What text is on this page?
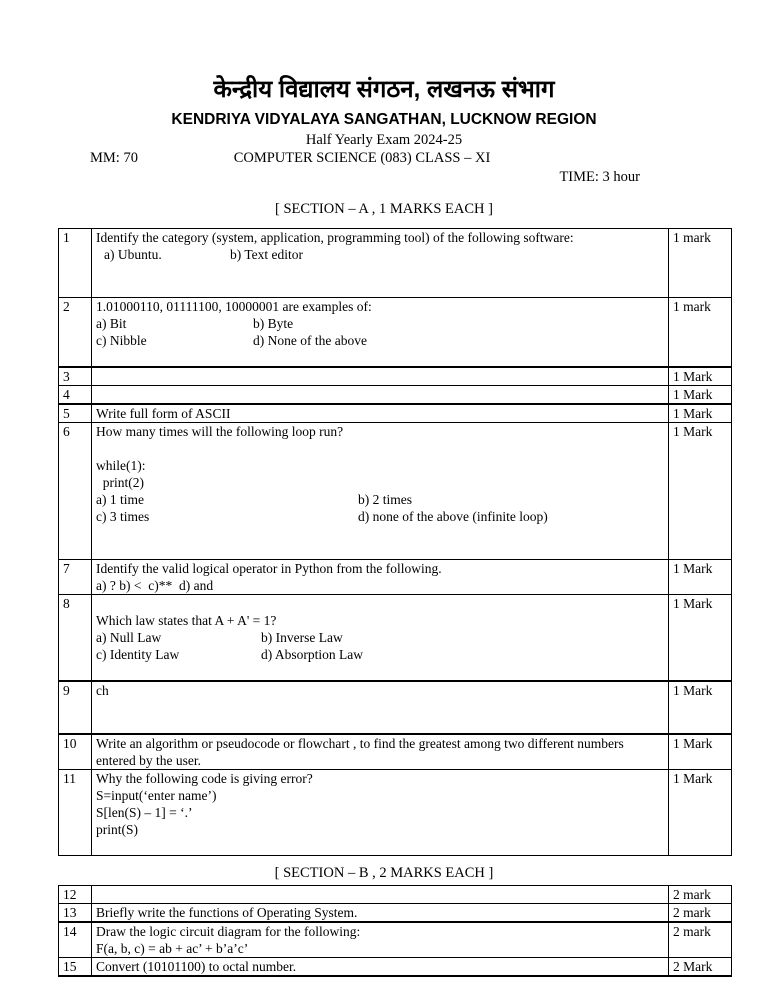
केन्द्रीय विद्यालय संगठन, लखनऊ संभाग
KENDRIYA VIDYALAYA SANGATHAN, LUCKNOW REGION
Half Yearly Exam 2024-25
MM: 70	COMPUTER SCIENCE (083) CLASS – XI
TIME: 3 hour
[ SECTION – A , 1 MARKS EACH ]
1	Identify the category (system, application, programming tool) of the following software:
a) Ubuntu. b) Text editor	1 mark
2	1.01000110, 01111100, 10000001 are examples of:
a) Bit b) Byte
c) Nibble d) None of the above	1 mark
3		1 Mark
4		1 Mark
5	Write full form of ASCII	1 Mark
6	How many times will the following loop run?

while(1):
print(2)
a) 1 time b) 2 times
c) 3 times d) none of the above (infinite loop)	1 Mark
7	Identify the valid logical operator in Python from the following.
a) ? b) <  c)**  d) and	1 Mark
8	Which law states that A + A' = 1?
a) Null Law b) Inverse Law
c) Identity Law d) Absorption Law	1 Mark
9	ch	1 Mark
10	Write an algorithm or pseudocode or flowchart , to find the greatest among two different numbers entered by the user.	1 Mark
11	Why the following code is giving error?
S=input(‘enter name’)
S[len(S) – 1] = ‘.’
print(S)	1 Mark
[ SECTION – B , 2 MARKS EACH ]
12		2 mark
13	Briefly write the functions of Operating System.	2 mark
14	Draw the logic circuit diagram for the following:
F(a, b, c) = ab + ac’ + b’a’c’	2 mark
15	Convert (10101100) to octal number.	2 Mark
